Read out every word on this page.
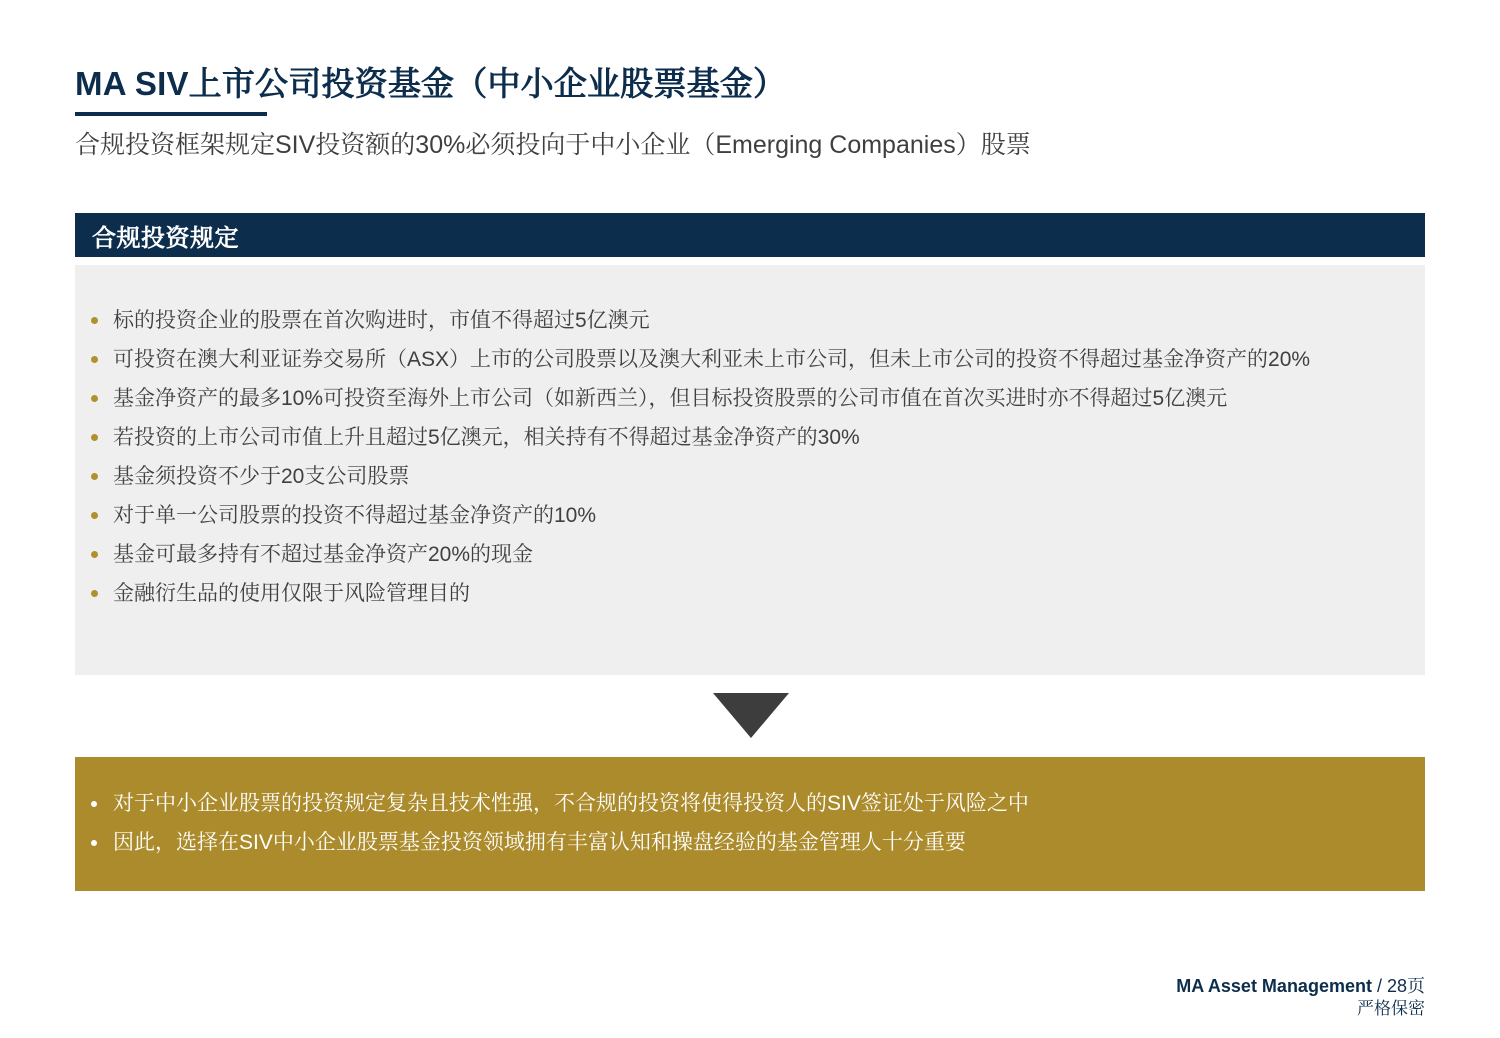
MA SIV上市公司投资基金（中小企业股票基金）

合规投资框架规定SIV投资额的30%必须投向于中小企业（Emerging Companies）股票

合规投资规定
标的投资企业的股票在首次购进时，市值不得超过5亿澳元
可投资在澳大利亚证券交易所（ASX）上市的公司股票以及澳大利亚未上市公司，但未上市公司的投资不得超过基金净资产的20%
基金净资产的最多10%可投资至海外上市公司（如新西兰），但目标投资股票的公司市值在首次买进时亦不得超过5亿澳元
若投资的上市公司市值上升且超过5亿澳元，相关持有不得超过基金净资产的30%
基金须投资不少于20支公司股票
对于单一公司股票的投资不得超过基金净资产的10%
基金可最多持有不超过基金净资产20%的现金
金融衍生品的使用仅限于风险管理目的
对于中小企业股票的投资规定复杂且技术性强，不合规的投资将使得投资人的SIV签证处于风险之中
因此，选择在SIV中小企业股票基金投资领域拥有丰富认知和操盘经验的基金管理人十分重要
MA Asset Management / 28页
严格保密
